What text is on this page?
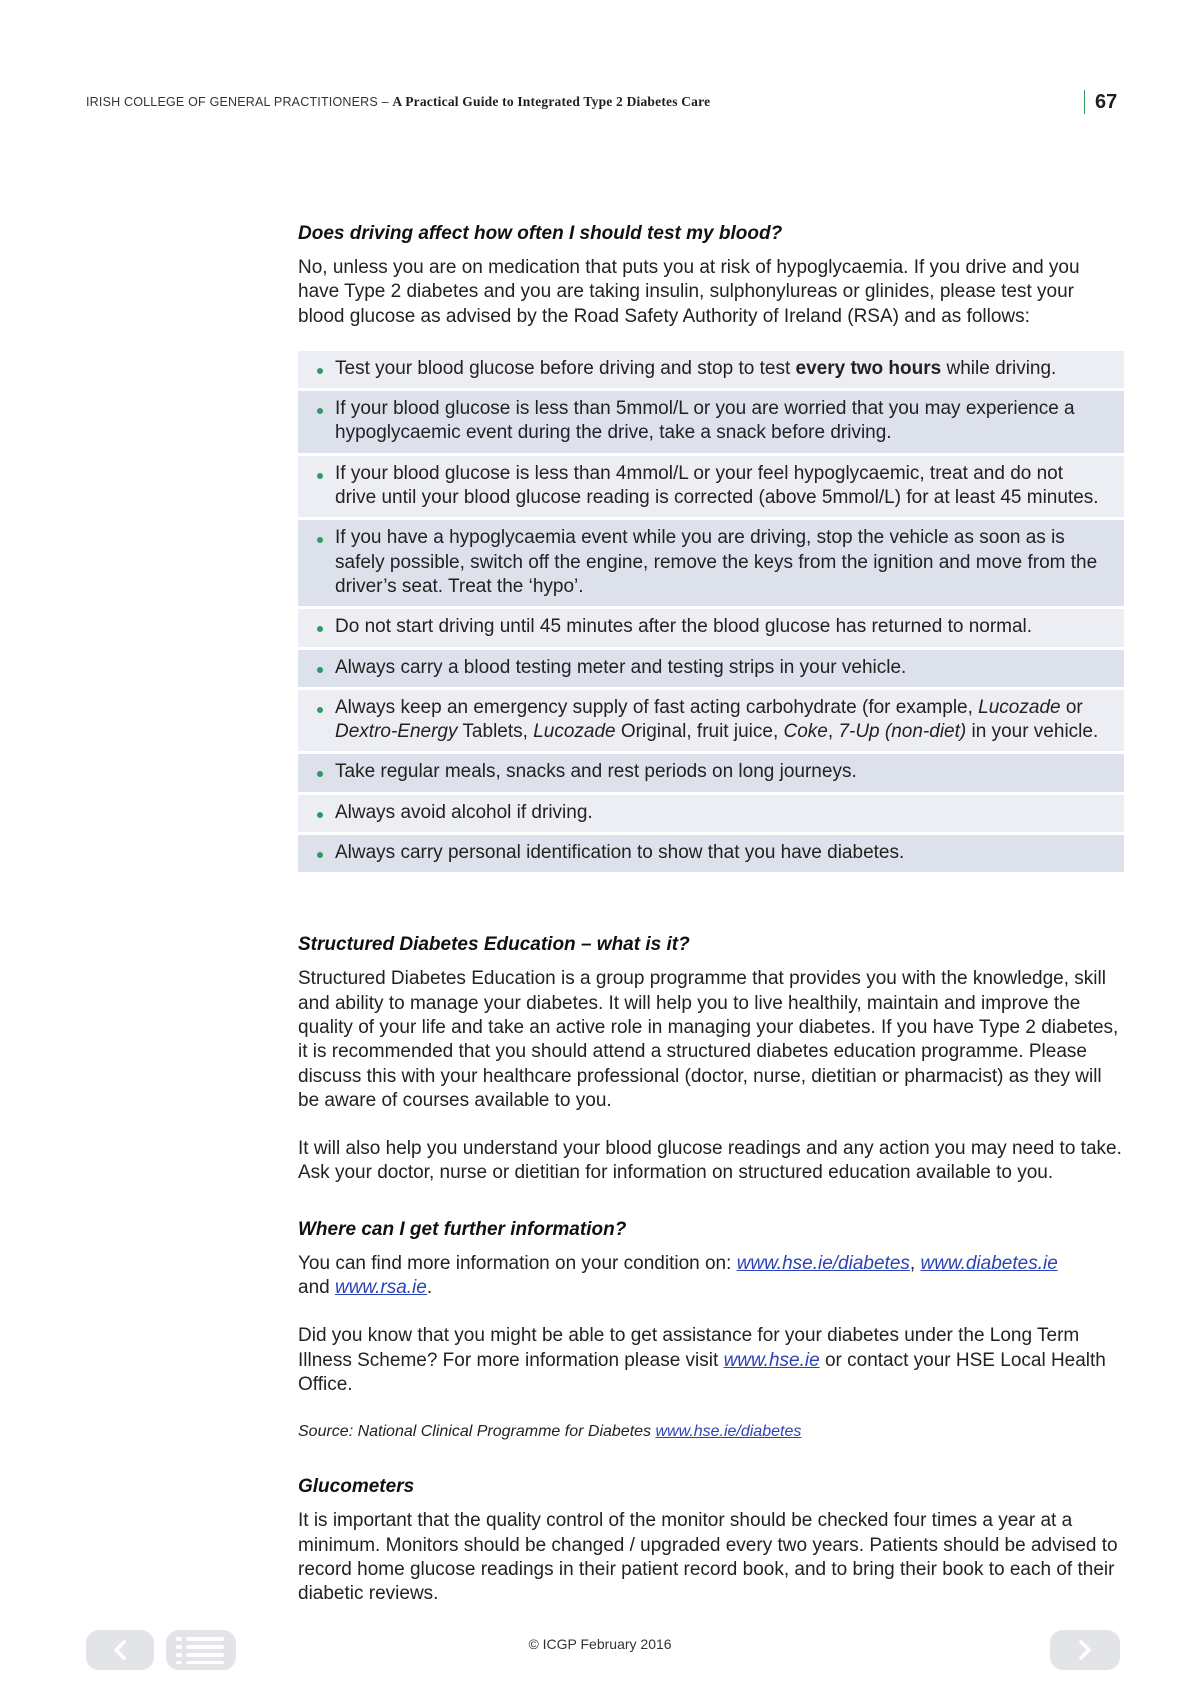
IRISH COLLEGE OF GENERAL PRACTITIONERS – A Practical Guide to Integrated Type 2 Diabetes Care	67
Does driving affect how often I should test my blood?

No, unless you are on medication that puts you at risk of hypoglycaemia. If you drive and you have Type 2 diabetes and you are taking insulin, sulphonylureas or glinides, please test your blood glucose as advised by the Road Safety Authority of Ireland (RSA) and as follows:

Test your blood glucose before driving and stop to test every two hours while driving.
If your blood glucose is less than 5mmol/L or you are worried that you may experience a hypoglycaemic event during the drive, take a snack before driving.
If your blood glucose is less than 4mmol/L or your feel hypoglycaemic, treat and do not drive until your blood glucose reading is corrected (above 5mmol/L) for at least 45 minutes.
If you have a hypoglycaemia event while you are driving, stop the vehicle as soon as is safely possible, switch off the engine, remove the keys from the ignition and move from the driver’s seat. Treat the ‘hypo’.
Do not start driving until 45 minutes after the blood glucose has returned to normal.
Always carry a blood testing meter and testing strips in your vehicle.
Always keep an emergency supply of fast acting carbohydrate (for example, Lucozade or Dextro-Energy Tablets, Lucozade Original, fruit juice, Coke, 7-Up (non-diet) in your vehicle.
Take regular meals, snacks and rest periods on long journeys.
Always avoid alcohol if driving.
Always carry personal identification to show that you have diabetes.
Structured Diabetes Education – what is it?

Structured Diabetes Education is a group programme that provides you with the knowledge, skill and ability to manage your diabetes. It will help you to live healthily, maintain and improve the quality of your life and take an active role in managing your diabetes. If you have Type 2 diabetes, it is recommended that you should attend a structured diabetes education programme. Please discuss this with your healthcare professional (doctor, nurse, dietitian or pharmacist) as they will be aware of courses available to you.

It will also help you understand your blood glucose readings and any action you may need to take. Ask your doctor, nurse or dietitian for information on structured education available to you.

Where can I get further information?

You can find more information on your condition on: www.hse.ie/diabetes, www.diabetes.ie
and www.rsa.ie.

Did you know that you might be able to get assistance for your diabetes under the Long Term Illness Scheme? For more information please visit www.hse.ie or contact your HSE Local Health Office.

Source: National Clinical Programme for Diabetes www.hse.ie/diabetes

Glucometers

It is important that the quality control of the monitor should be checked four times a year at a minimum. Monitors should be changed / upgraded every two years. Patients should be advised to record home glucose readings in their patient record book, and to bring their book to each of their diabetic reviews.

© ICGP February 2016
